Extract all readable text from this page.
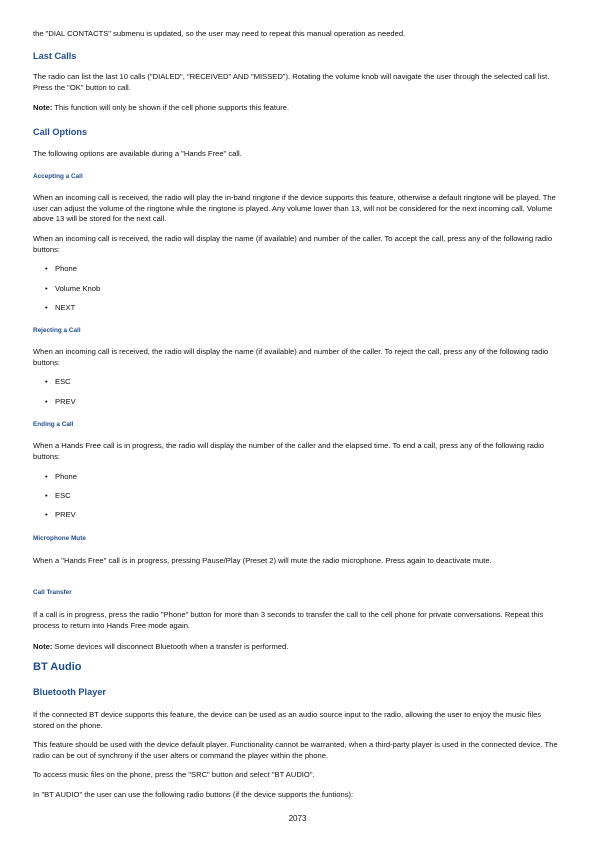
the "DIAL CONTACTS" submenu is updated, so the user may need to repeat this manual operation as needed.

Last Calls

The radio can list the last 10 calls ("DIALED", "RECEIVED" AND "MISSED"). Rotating the volume knob will navigate the user through the selected call list. Press the "OK" button to call.

Note: This function will only be shown if the cell phone supports this feature.

Call Options

The following options are available during a "Hands Free" call.

Accepting a Call

When an incoming call is received, the radio will play the in-band ringtone if the device supports this feature, otherwise a default ringtone will be played. The user can adjust the volume of the ringtone while the ringtone is played. Any volume lower than 13, will not be considered for the next incoming call. Volume above 13 will be stored for the next call.

When an incoming call is received, the radio will display the name (if available) and number of the caller. To accept the call, press any of the following radio buttons:

• Phone
• Volume Knob
• NEXT
Rejecting a Call

When an incoming call is received, the radio will display the name (if available) and number of the caller. To reject the call, press any of the following radio buttons:

• ESC
• PREV
Ending a Call

When a Hands Free call is in progress, the radio will display the number of the caller and the elapsed time. To end a call, press any of the following radio buttons:

• Phone
• ESC
• PREV
Microphone Mute

When a "Hands Free" call is in progress, pressing Pause/Play (Preset 2) will mute the radio microphone. Press again to deactivate mute.

Call Transfer

If a call is in progress, press the radio "Phone" button for more than 3 seconds to transfer the call to the cell phone for private conversations. Repeat this process to return into Hands Free mode again.

Note: Some devices will disconnect Bluetooth when a transfer is performed.

BT Audio
Bluetooth Player

If the connected BT device supports this feature, the device can be used as an audio source input to the radio, allowing the user to enjoy the music files stored on the phone.

This feature should be used with the device default player. Functionality cannot be warranted, when a third-party player is used in the connected device. The radio can be out of synchrony if the user alters or command the player within the phone.

To access music files on the phone, press the "SRC" button and select "BT AUDIO".

In "BT AUDIO" the user can use the following radio buttons (if the device supports the funtions):

2073
